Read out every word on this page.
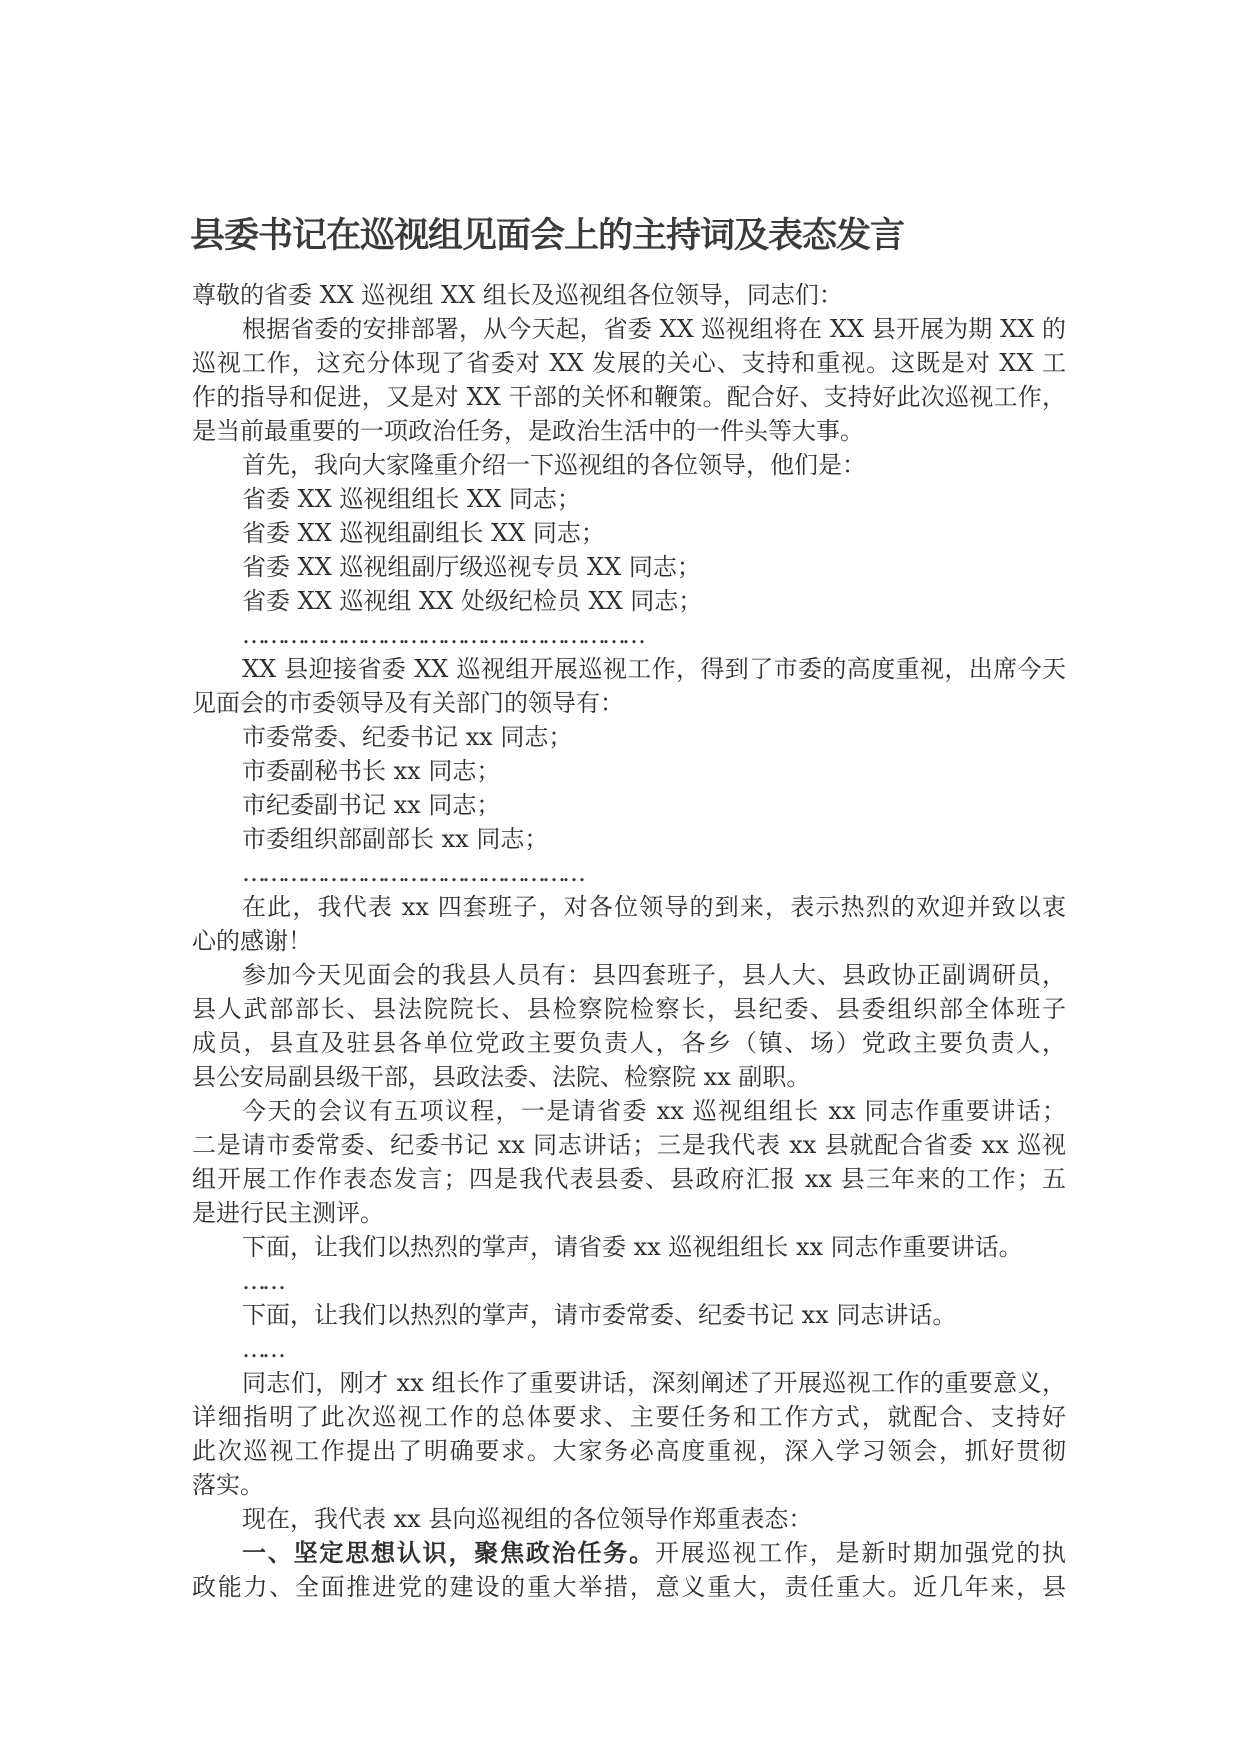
县委书记在巡视组见面会上的主持词及表态发言
尊敬的省委 XX 巡视组 XX 组长及巡视组各位领导，同志们：
根据省委的安排部署，从今天起，省委 XX 巡视组将在 XX 县开展为期 XX 的
巡视工作，这充分体现了省委对 XX 发展的关心、支持和重视。这既是对 XX 工
作的指导和促进，又是对 XX 干部的关怀和鞭策。配合好、支持好此次巡视工作，
是当前最重要的一项政治任务，是政治生活中的一件头等大事。
首先，我向大家隆重介绍一下巡视组的各位领导，他们是：
省委 XX 巡视组组长 XX 同志；
省委 XX 巡视组副组长 XX 同志；
省委 XX 巡视组副厅级巡视专员 XX 同志；
省委 XX 巡视组 XX 处级纪检员 XX 同志；
……………………………………………………
XX 县迎接省委 XX 巡视组开展巡视工作，得到了市委的高度重视，出席今天
见面会的市委领导及有关部门的领导有：
市委常委、纪委书记 xx 同志；
市委副秘书长 xx 同志；
市纪委副书记 xx 同志；
市委组织部副部长 xx 同志；
……………………………………………
在此，我代表 xx 四套班子，对各位领导的到来，表示热烈的欢迎并致以衷
心的感谢！
参加今天见面会的我县人员有：县四套班子，县人大、县政协正副调研员，
县人武部部长、县法院院长、县检察院检察长，县纪委、县委组织部全体班子
成员，县直及驻县各单位党政主要负责人，各乡（镇、场）党政主要负责人，
县公安局副县级干部，县政法委、法院、检察院 xx 副职。
今天的会议有五项议程，一是请省委 xx 巡视组组长 xx 同志作重要讲话；
二是请市委常委、纪委书记 xx 同志讲话；三是我代表 xx 县就配合省委 xx 巡视
组开展工作作表态发言；四是我代表县委、县政府汇报 xx 县三年来的工作；五
是进行民主测评。
下面，让我们以热烈的掌声，请省委 xx 巡视组组长 xx 同志作重要讲话。
……
下面，让我们以热烈的掌声，请市委常委、纪委书记 xx 同志讲话。
……
同志们，刚才 xx 组长作了重要讲话，深刻阐述了开展巡视工作的重要意义，
详细指明了此次巡视工作的总体要求、主要任务和工作方式，就配合、支持好
此次巡视工作提出了明确要求。大家务必高度重视，深入学习领会，抓好贯彻
落实。
现在，我代表 xx 县向巡视组的各位领导作郑重表态：
一、坚定思想认识，聚焦政治任务。开展巡视工作，是新时期加强党的执
政能力、全面推进党的建设的重大举措，意义重大，责任重大。近几年来，县
